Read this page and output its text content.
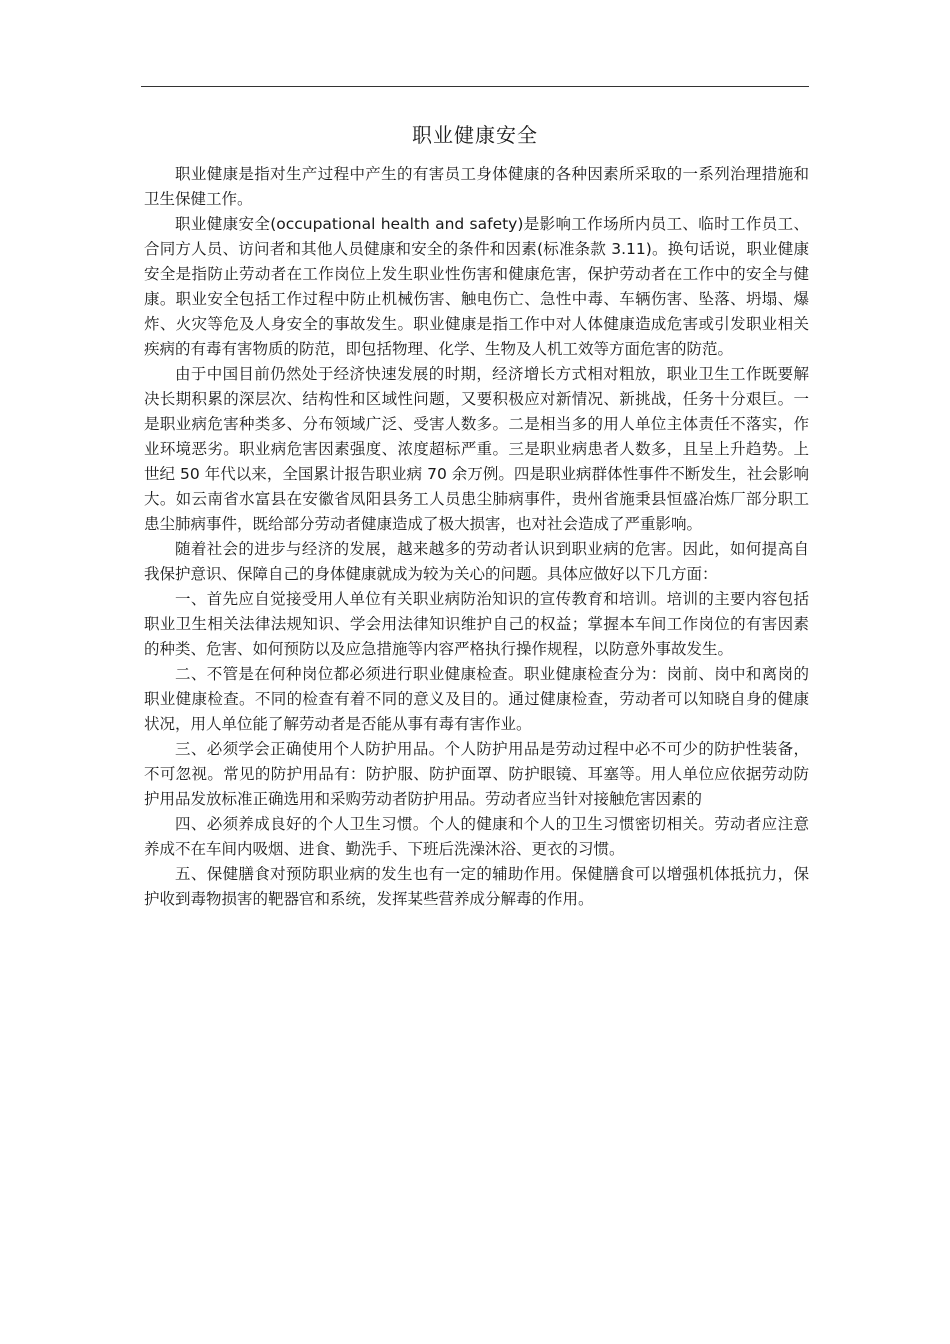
职业健康安全

职业健康是指对生产过程中产生的有害员工身体健康的各种因素所采取的一系列治理措施和卫生保健工作。

职业健康安全(occupational health and safety)是影响工作场所内员工、临时工作员工、合同方人员、访问者和其他人员健康和安全的条件和因素(标准条款 3.11)。换句话说，职业健康安全是指防止劳动者在工作岗位上发生职业性伤害和健康危害，保护劳动者在工作中的安全与健康。职业安全包括工作过程中防止机械伤害、触电伤亡、急性中毒、车辆伤害、坠落、坍塌、爆炸、火灾等危及人身安全的事故发生。职业健康是指工作中对人体健康造成危害或引发职业相关疾病的有毒有害物质的防范，即包括物理、化学、生物及人机工效等方面危害的防范。

由于中国目前仍然处于经济快速发展的时期，经济增长方式相对粗放，职业卫生工作既要解决长期积累的深层次、结构性和区域性问题，又要积极应对新情况、新挑战，任务十分艰巨。一是职业病危害种类多、分布领域广泛、受害人数多。二是相当多的用人单位主体责任不落实，作业环境恶劣。职业病危害因素强度、浓度超标严重。三是职业病患者人数多，且呈上升趋势。上世纪 50 年代以来，全国累计报告职业病 70 余万例。四是职业病群体性事件不断发生，社会影响大。如云南省水富县在安徽省凤阳县务工人员患尘肺病事件，贵州省施秉县恒盛冶炼厂部分职工患尘肺病事件，既给部分劳动者健康造成了极大损害，也对社会造成了严重影响。

随着社会的进步与经济的发展，越来越多的劳动者认识到职业病的危害。因此，如何提高自我保护意识、保障自己的身体健康就成为较为关心的问题。具体应做好以下几方面：

一、首先应自觉接受用人单位有关职业病防治知识的宣传教育和培训。培训的主要内容包括职业卫生相关法律法规知识、学会用法律知识维护自己的权益；掌握本车间工作岗位的有害因素的种类、危害、如何预防以及应急措施等内容严格执行操作规程，以防意外事故发生。

二、不管是在何种岗位都必须进行职业健康检查。职业健康检查分为：岗前、岗中和离岗的职业健康检查。不同的检查有着不同的意义及目的。通过健康检查，劳动者可以知晓自身的健康状况，用人单位能了解劳动者是否能从事有毒有害作业。

三、必须学会正确使用个人防护用品。个人防护用品是劳动过程中必不可少的防护性装备，不可忽视。常见的防护用品有：防护服、防护面罩、防护眼镜、耳塞等。用人单位应依据劳动防护用品发放标准正确选用和采购劳动者防护用品。劳动者应当针对接触危害因素的

四、必须养成良好的个人卫生习惯。个人的健康和个人的卫生习惯密切相关。劳动者应注意养成不在车间内吸烟、进食、勤洗手、下班后洗澡沐浴、更衣的习惯。

五、保健膳食对预防职业病的发生也有一定的辅助作用。保健膳食可以增强机体抵抗力，保护收到毒物损害的靶器官和系统，发挥某些营养成分解毒的作用。
